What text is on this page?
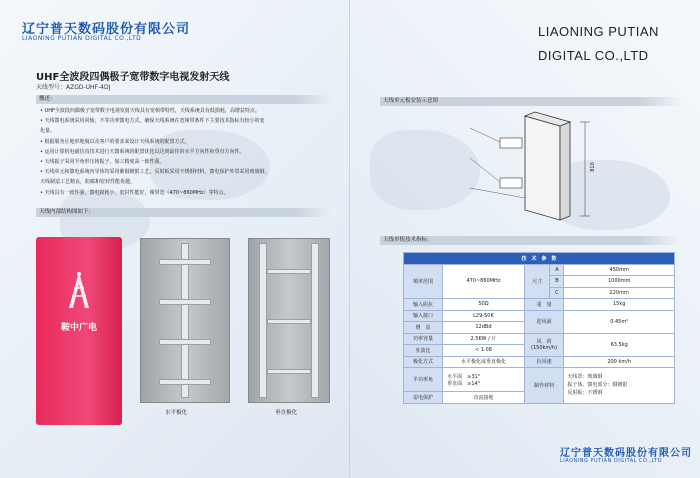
辽宁普天数码股份有限公司
LIAONING PUTIAN DIGITAL CO.,LTD
UHF全波段四偶极子宽带数字电视发射天线
天线型号：AZGD-UHF-4DJ
概述：
• UHF全波段四偶极子宽带数字电视发射天线具有宽频带特性，天线系统具有低损耗，高增益特点。
• 天线馈电系统采用同轴、不等功率馈电方式，确保天线系统在宽频带条件下主要技术指标有较小的变
化量。
• 根据服务区地形地貌以及客户的要求来设计天线系统的配置方式。
• 运用计算机电磁仿真技术进行天馈系统的配置优化以达到最佳的水平方向性和垂直方向性。
• 天线振子采用半角形压铸振子，加工精度高一致性强。
• 天线单元和馈电系统内导体均采用紫铜镀银工艺，反射板采用不锈钢材料，馈电保护外罩采用玻璃钢，
天线制造工艺精良，防腐和密封性能优越。
• 天线具有一致性强，馈电损耗小，密封性能好，频带宽（470~860MHz）等特点。
天线内部结构图如下：
鞍中广电
水平极化	垂直极化
LIAONING PUTIAN
DIGITAL CO.,LTD
天线单元板安装示意图
810
天线单板技术指标：
技　术　参　数				
频率范围	470~860MHz	尺寸	A	450mm
			B	1000mm
			C	220mm
输入阻抗	50Ω	重　量		15kg
输入接口	L29-50K	迎风面		0.45m²
增　益	12dBd			
功率容量	2.5KW / 片	风　荷
(150km/h)		63.5kg
驻波比	< 1.08			
极化方式	水平极化或垂直极化	抗风速		200 km/h
半功率角	水平面　≥31°
垂直面　≥14°	制作材料		天线罩：玻璃钢
振子体、馈电部分：铜镀银
反射板：不锈钢
雷电保护	直流接地			
辽宁普天数码股份有限公司
LIAONING PUTIAN DIGITAL CO.,LTD
